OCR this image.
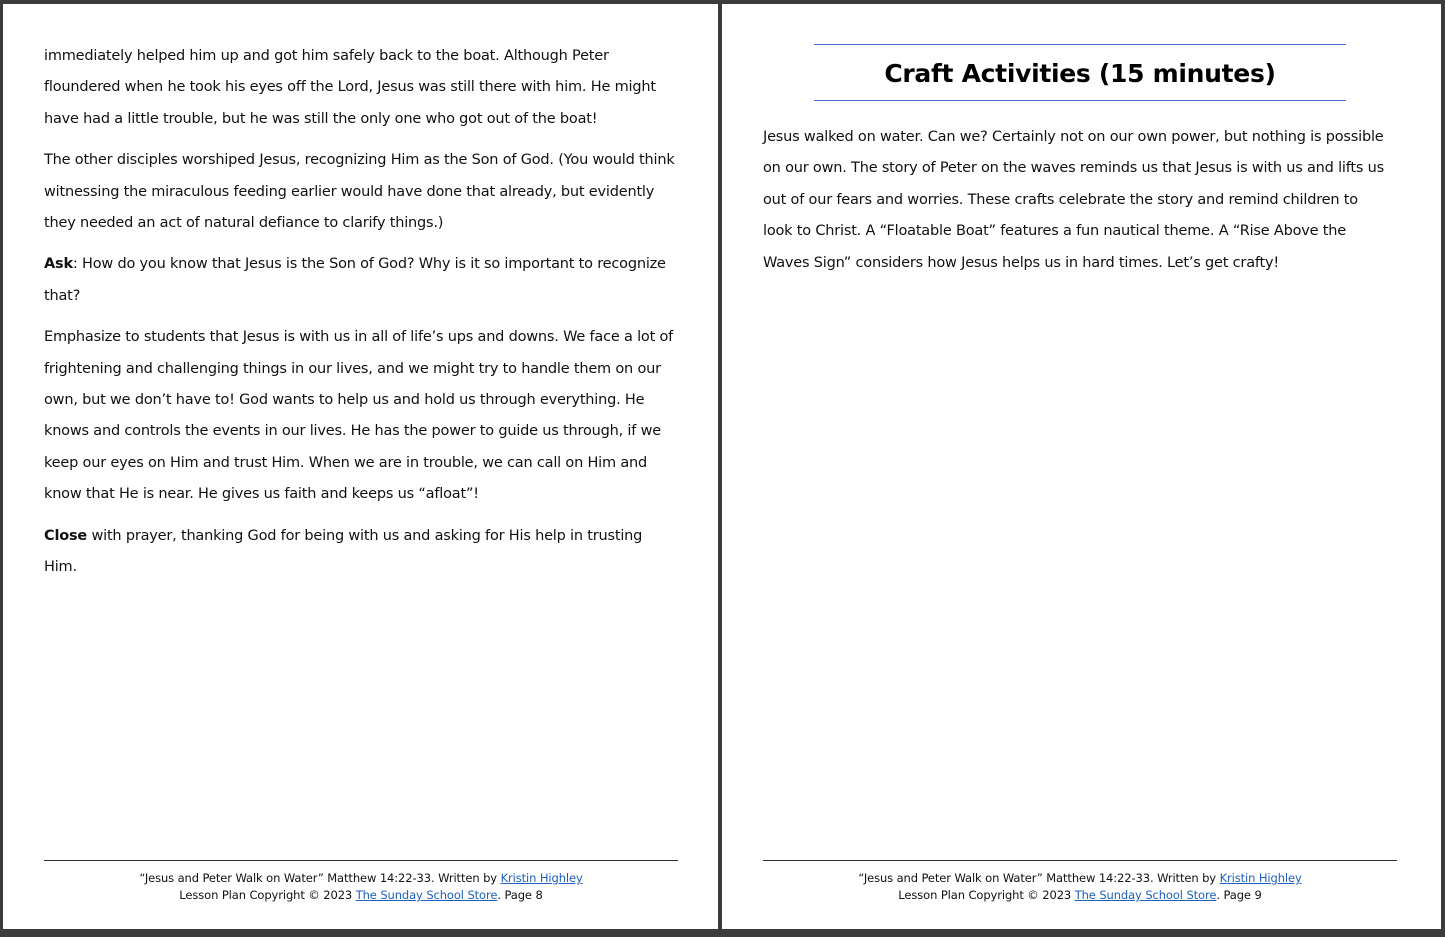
immediately helped him up and got him safely back to the boat. Although Peter floundered when he took his eyes off the Lord, Jesus was still there with him. He might have had a little trouble, but he was still the only one who got out of the boat!

The other disciples worshiped Jesus, recognizing Him as the Son of God. (You would think witnessing the miraculous feeding earlier would have done that already, but evidently they needed an act of natural defiance to clarify things.)

Ask: How do you know that Jesus is the Son of God? Why is it so important to recognize that?

Emphasize to students that Jesus is with us in all of life’s ups and downs. We face a lot of frightening and challenging things in our lives, and we might try to handle them on our own, but we don’t have to! God wants to help us and hold us through everything. He knows and controls the events in our lives. He has the power to guide us through, if we keep our eyes on Him and trust Him. When we are in trouble, we can call on Him and know that He is near. He gives us faith and keeps us “afloat”!

Close with prayer, thanking God for being with us and asking for His help in trusting Him.

“Jesus and Peter Walk on Water” Matthew 14:22-33. Written by Kristin Highley
Lesson Plan Copyright © 2023 The Sunday School Store. Page 8
Craft Activities (15 minutes)

Jesus walked on water. Can we? Certainly not on our own power, but nothing is possible on our own. The story of Peter on the waves reminds us that Jesus is with us and lifts us out of our fears and worries. These crafts celebrate the story and remind children to look to Christ. A “Floatable Boat” features a fun nautical theme. A “Rise Above the Waves Sign” considers how Jesus helps us in hard times. Let’s get crafty!

“Jesus and Peter Walk on Water” Matthew 14:22-33. Written by Kristin Highley
Lesson Plan Copyright © 2023 The Sunday School Store. Page 9
